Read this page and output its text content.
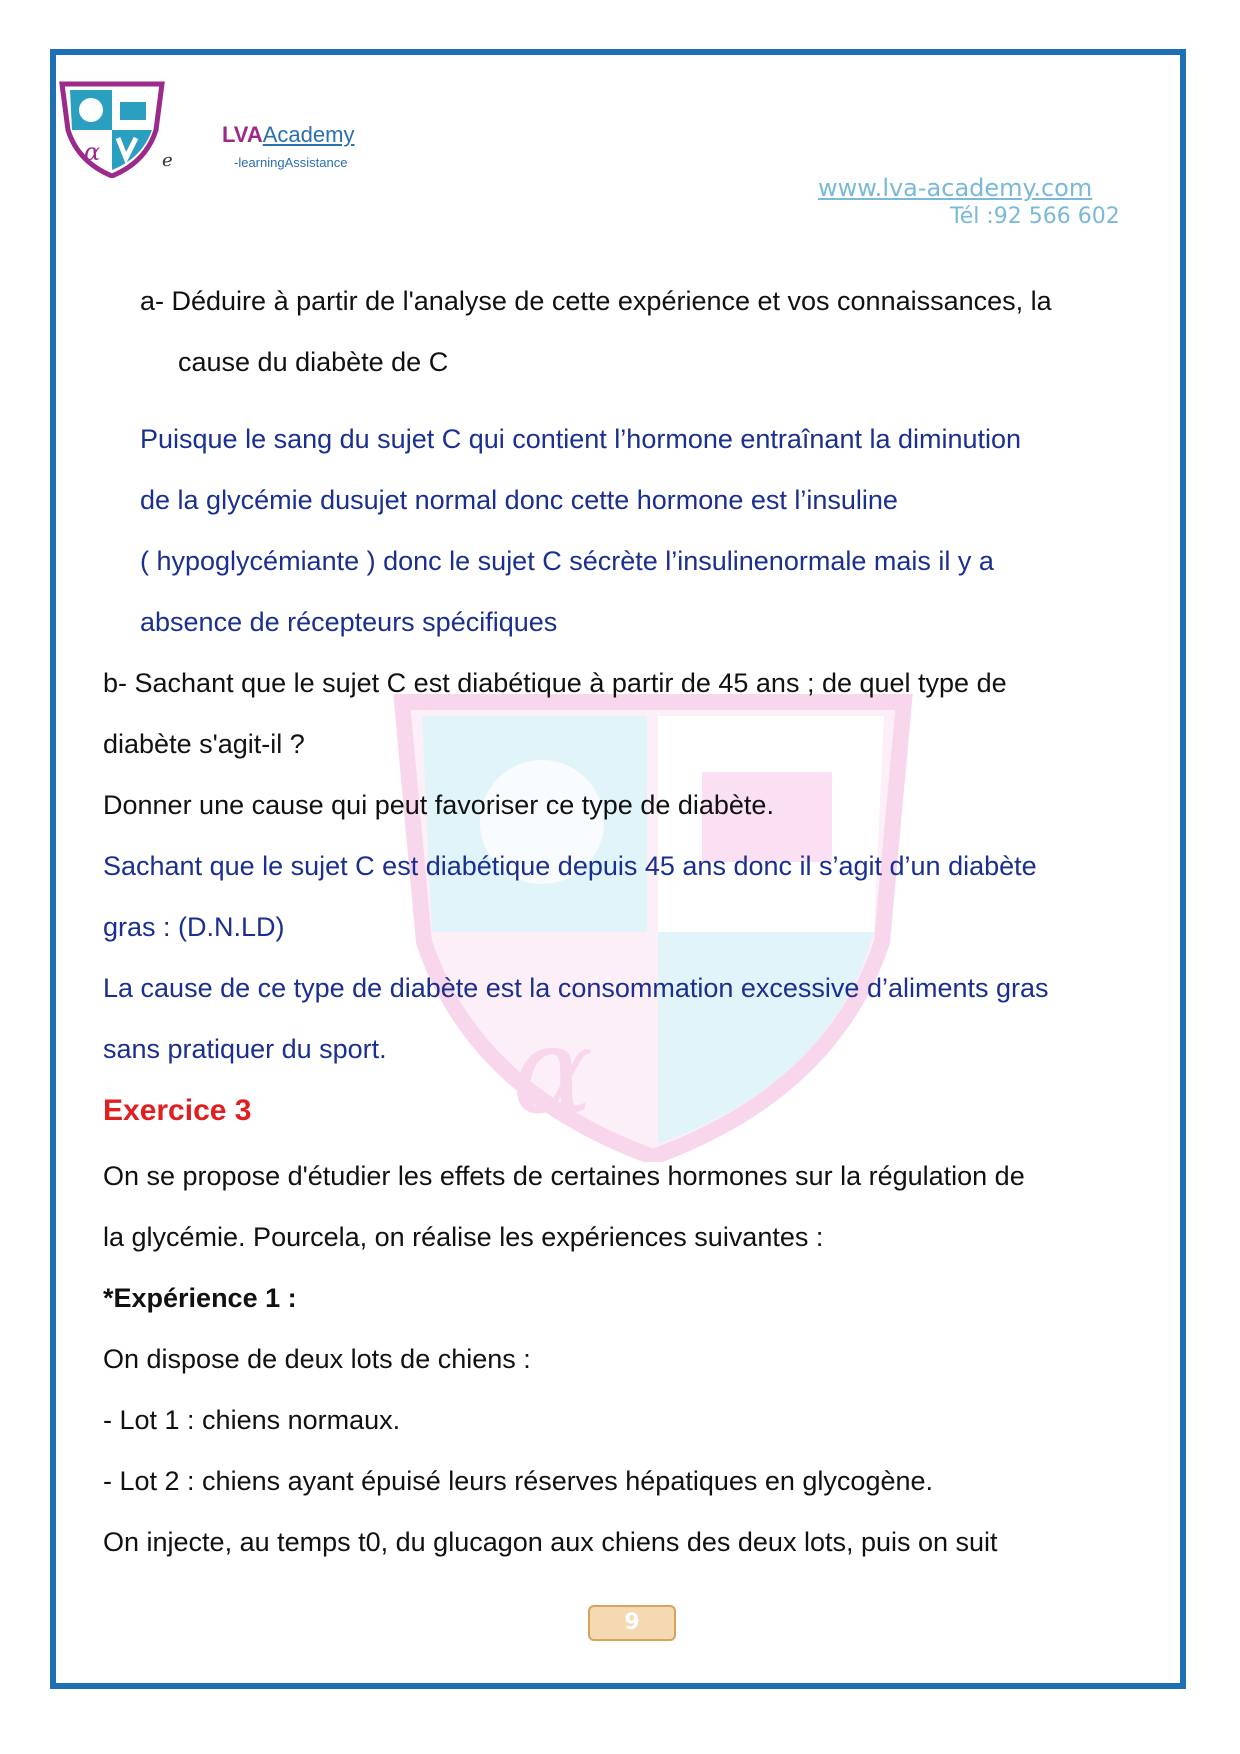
α	e
LVAAcademy
-learningAssistance
www.lva-academy.com
Tél :92 566 602
α
a- Déduire à partir de l'analyse de cette expérience et vos connaissances, la
cause du diabète de C
Puisque le sang du sujet C qui contient l’hormone entraînant la diminution
de la glycémie dusujet normal donc cette hormone est l’insuline
( hypoglycémiante ) donc le sujet C sécrète l’insulinenormale mais il y a
absence de récepteurs spécifiques
b- Sachant que le sujet C est diabétique à partir de 45 ans ; de quel type de
diabète s'agit-il ?
Donner une cause qui peut favoriser ce type de diabète.
Sachant que le sujet C est diabétique depuis 45 ans donc il s’agit d’un diabète
gras : (D.N.LD)
La cause de ce type de diabète est la consommation excessive d’aliments gras
sans pratiquer du sport.
Exercice 3
On se propose d'étudier les effets de certaines hormones sur la régulation de
la glycémie. Pourcela, on réalise les expériences suivantes :
*Expérience 1 :
On dispose de deux lots de chiens :
- Lot 1 : chiens normaux.
- Lot 2 : chiens ayant épuisé leurs réserves hépatiques en glycogène.
On injecte, au temps t0, du glucagon aux chiens des deux lots, puis on suit
9
